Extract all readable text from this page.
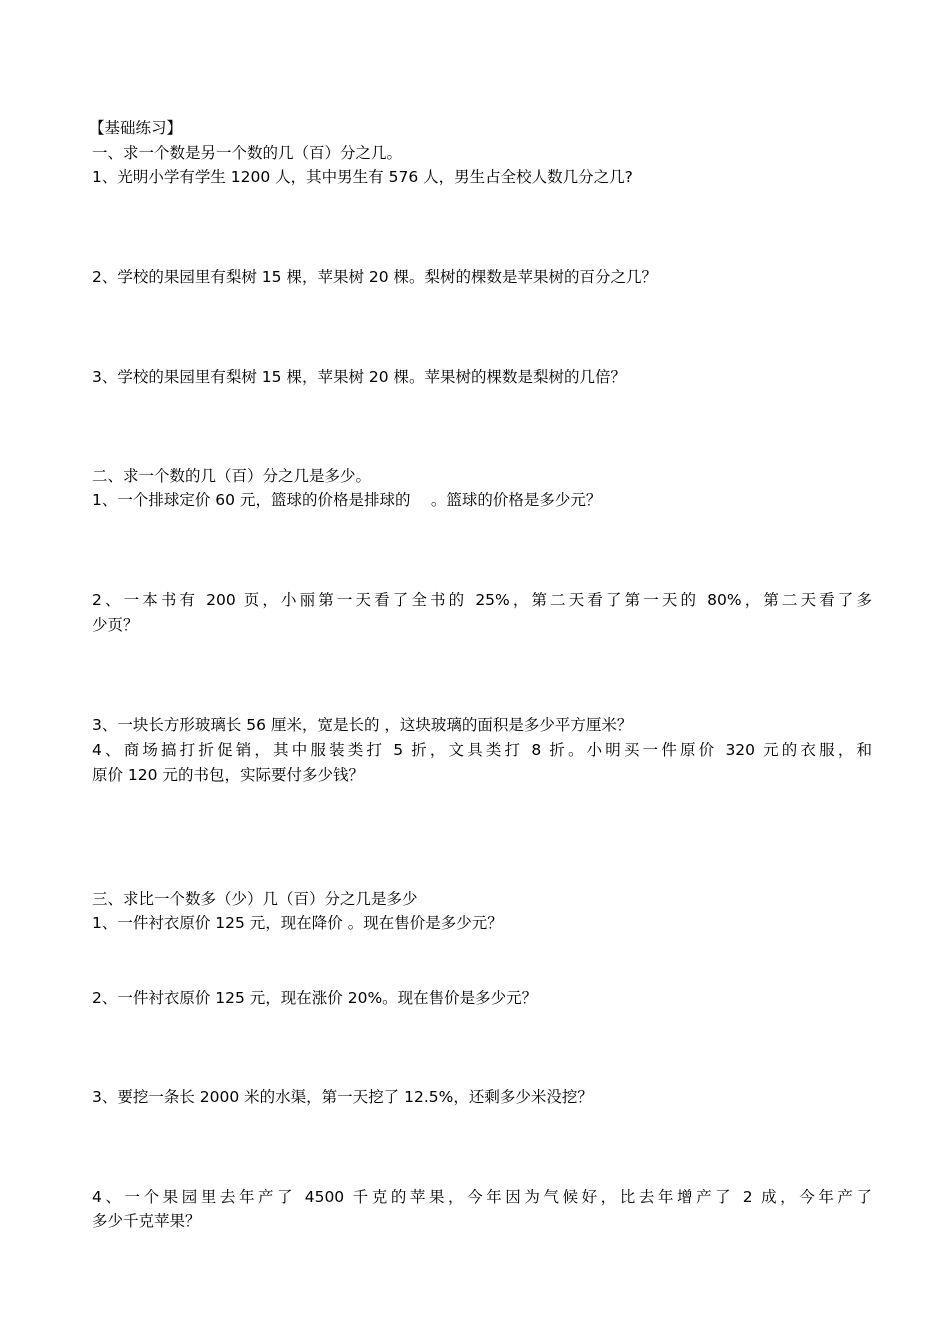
【基础练习】
一、求一个数是另一个数的几（百）分之几。
1、光明小学有学生 1200 人，其中男生有 576 人，男生占全校人数几分之几?
2、学校的果园里有梨树 15 棵，苹果树 20 棵。梨树的棵数是苹果树的百分之几？
3、学校的果园里有梨树 15 棵，苹果树 20 棵。苹果树的棵数是梨树的几倍？
二、求一个数的几（百）分之几是多少。
1、一个排球定价 60 元，篮球的价格是排球的　 。篮球的价格是多少元？
2、一本书有 200 页，小丽第一天看了全书的 25%，第二天看了第一天的 80%，第二天看了多
少页？
3、一块长方形玻璃长 56 厘米，宽是长的 ，这块玻璃的面积是多少平方厘米？
4、商场搞打折促销，其中服装类打 5 折，文具类打 8 折。小明买一件原价 320 元的衣服，和
原价 120 元的书包，实际要付多少钱？
三、求比一个数多（少）几（百）分之几是多少
1、一件衬衣原价 125 元，现在降价 。现在售价是多少元？
2、一件衬衣原价 125 元，现在涨价 20%。现在售价是多少元？
3、要挖一条长 2000 米的水渠，第一天挖了 12.5%，还剩多少米没挖？
4、一个果园里去年产了 4500 千克的苹果，今年因为气候好，比去年增产了 2 成，今年产了
多少千克苹果？
